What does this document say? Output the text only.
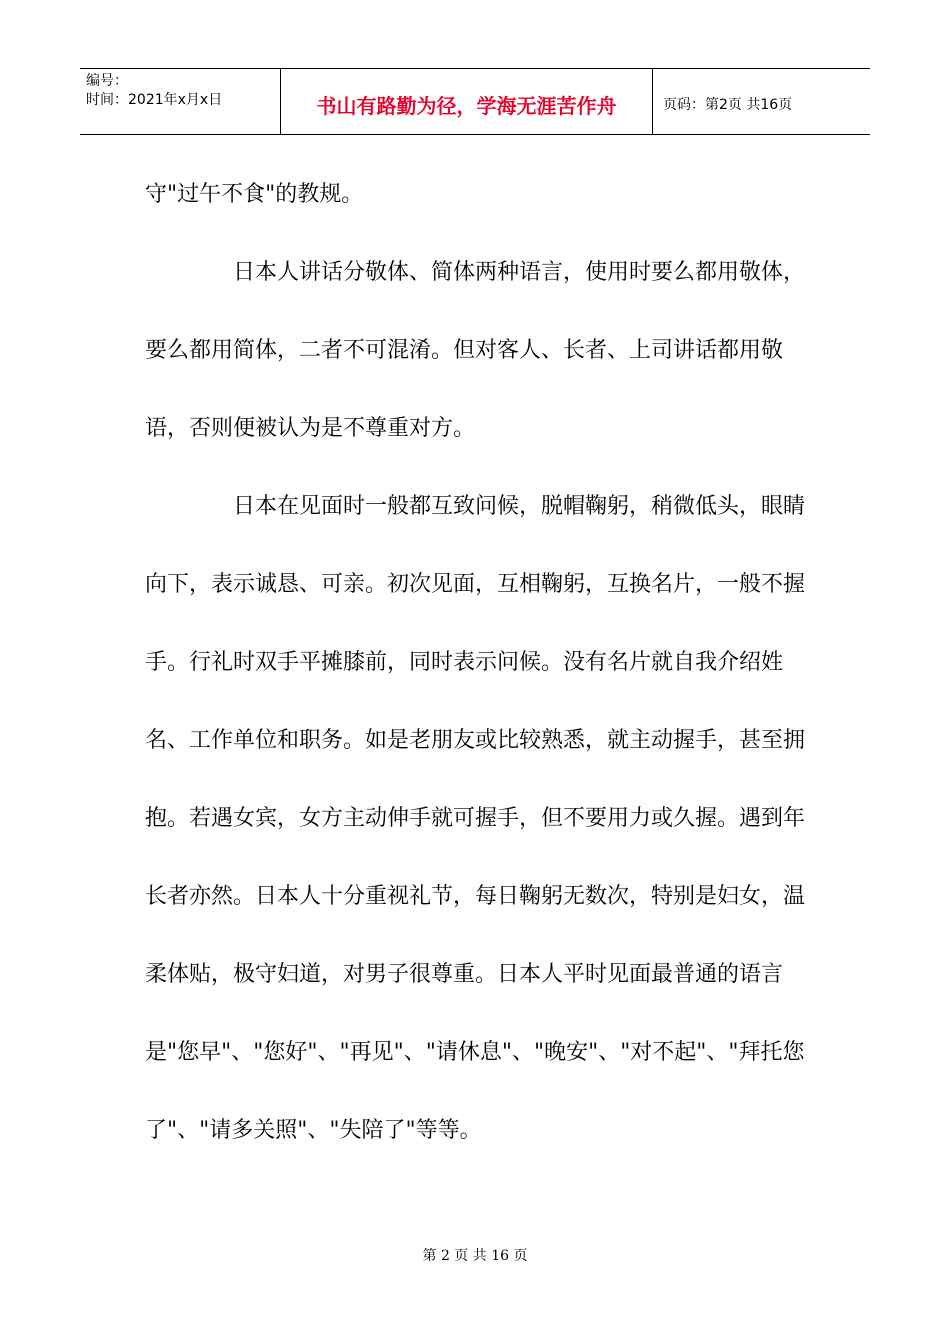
编号：
时间：2021年x月x日	书山有路勤为径，学海无涯苦作舟	页码：第2页 共16页

守"过午不食"的教规。

日本人讲话分敬体、简体两种语言，使用时要么都用敬体，要么都用简体，二者不可混淆。但对客人、长者、上司讲话都用敬语，否则便被认为是不尊重对方。

日本在见面时一般都互致问候，脱帽鞠躬，稍微低头，眼睛向下，表示诚恳、可亲。初次见面，互相鞠躬，互换名片，一般不握手。行礼时双手平摊膝前，同时表示问候。没有名片就自我介绍姓名、工作单位和职务。如是老朋友或比较熟悉，就主动握手，甚至拥抱。若遇女宾，女方主动伸手就可握手，但不要用力或久握。遇到年长者亦然。日本人十分重视礼节，每日鞠躬无数次，特别是妇女，温柔体贴，极守妇道，对男子很尊重。日本人平时见面最普通的语言是"您早"、"您好"、"再见"、"请休息"、"晚安"、"对不起"、"拜托您了"、"请多关照"、"失陪了"等等。

第 2 页 共 16 页
